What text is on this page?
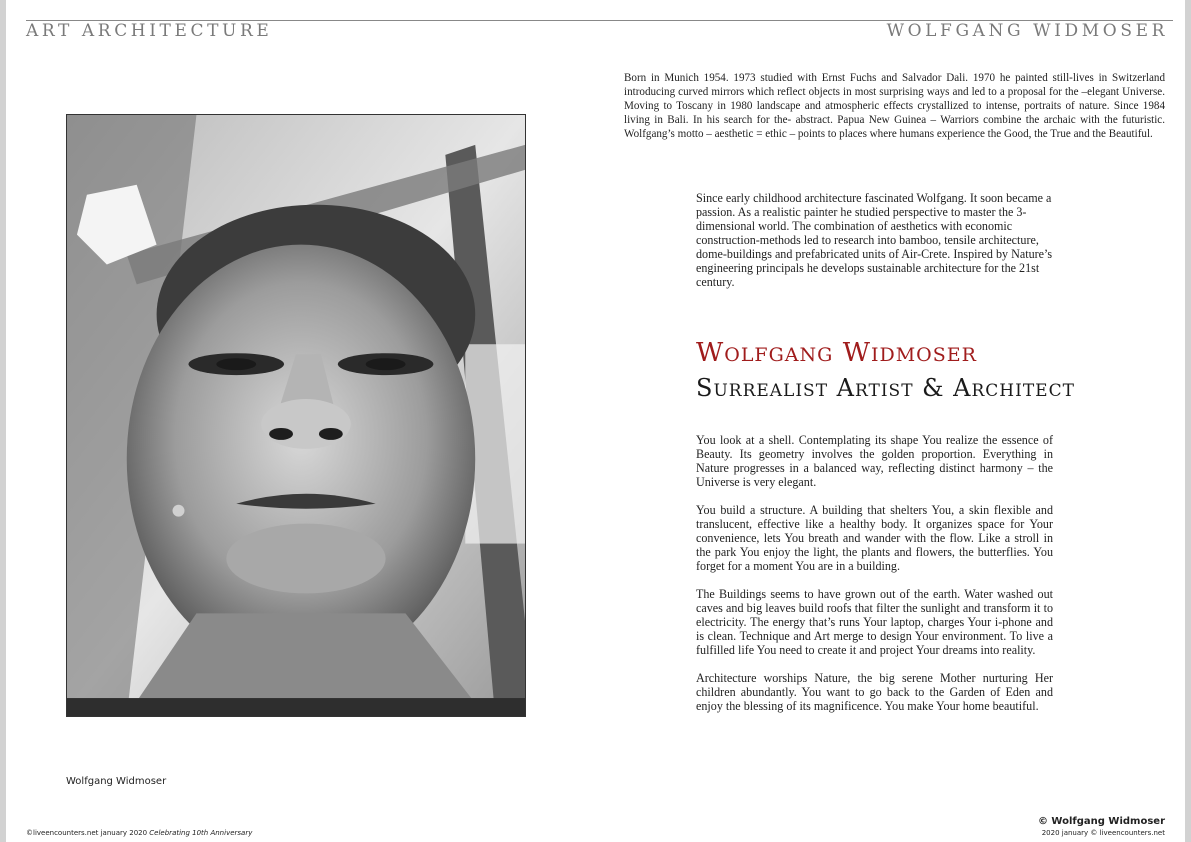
ART ARCHITECTURE	WOLFGANG WIDMOSER
Wolfgang Widmoser

Born in Munich 1954. 1973 studied with Ernst Fuchs and Salvador Dali. 1970 he painted still-lives in Switzerland introducing curved mirrors which reflect objects in most surprising ways and led to a proposal for the –elegant Universe. Moving to Toscany in 1980 landscape and atmospheric effects crystallized to intense, portraits of nature. Since 1984 living in Bali. In his search for the- abstract. Papua New Guinea – Warriors combine the archaic with the futuristic. Wolfgang’s motto – aesthetic = ethic – points to places where humans experience the Good, the True and the Beautiful.

Since early childhood architecture fascinated Wolfgang. It soon became a passion. As a realistic painter he studied perspective to master the 3-dimensional world. The combination of aesthetics with economic construction-methods led to research into bamboo, tensile architecture, dome-buildings and prefabricated units of Air-Crete. Inspired by Nature’s engineering principals he develops sustainable architecture for the 21st century.

Wolfgang Widmoser
Surrealist Artist & Architect

You look at a shell. Contemplating its shape You realize the essence of Beauty. Its geometry involves the golden proportion. Everything in Nature progresses in a balanced way, reflecting distinct harmony – the Universe is very elegant.

You build a structure. A building that shelters You, a skin flexible and translucent, effective like a healthy body. It organizes space for Your convenience, lets You breath and wander with the flow. Like a stroll in the park You enjoy the light, the plants and flowers, the butterflies. You forget for a moment You are in a building.

The Buildings seems to have grown out of the earth. Water washed out caves and big leaves build roofs that filter the sunlight and transform it to electricity. The energy that’s runs Your laptop, charges Your i-phone and is clean. Technique and Art merge to design Your environment. To live a fulfilled life You need to create it and project Your dreams into reality.

Architecture worships Nature, the big serene Mother nurturing Her children abundantly. You want to go back to the Garden of Eden and enjoy the blessing of its magnificence. You make Your home beautiful.

©liveencounters.net january 2020 Celebrating 10th Anniversary
© Wolfgang Widmoser
2020 january © liveencounters.net
